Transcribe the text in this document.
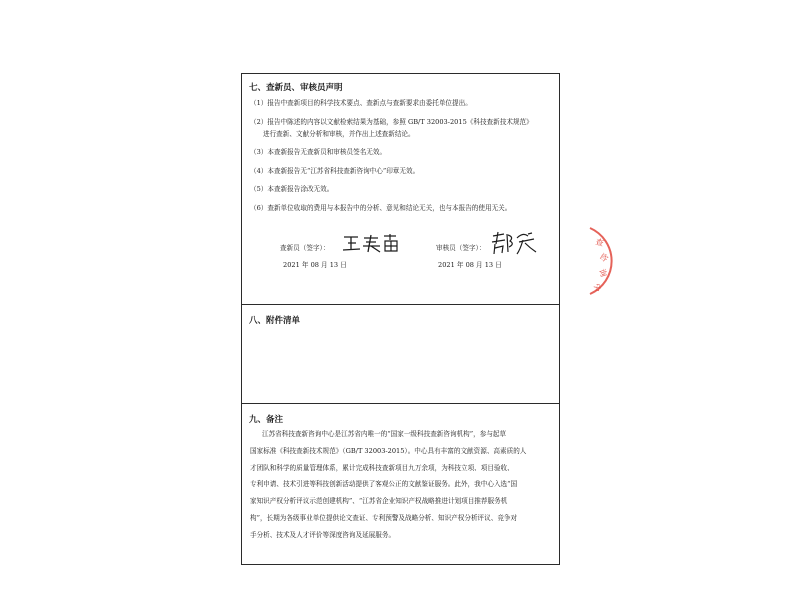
七、查新员、审核员声明
（1）报告中查新项目的科学技术要点、查新点与查新要求由委托单位提出。
（2）报告中陈述的内容以文献检索结果为基础，参照 GB/T 32003-2015《科技查新技术规范》
进行查新、文献分析和审核，并作出上述查新结论。
（3）本查新报告无查新员和审核员签名无效。
（4）本查新报告无“江苏省科技查新咨询中心”印章无效。
（5）本查新报告涂改无效。
（6）查新单位收取的费用与本报告中的分析、意见和结论无关，也与本报告的使用无关。
查新员（签字）：
2021 年 08 月 13 日
审核员（签字）：
2021 年 08 月 13 日
八、附件清单
九、备注
江苏省科技查新咨询中心是江苏省内唯一的“国家一级科技查新咨询机构”，参与起草
国家标准《科技查新技术规范》（GB/T 32003-2015）。中心具有丰富的文献资源、高素质的人
才团队和科学的质量管理体系，累计完成科技查新项目九万余项，为科技立项、项目验收、
专利申请、技术引进等科技创新活动提供了客观公正的文献鉴证服务。此外，我中心入选“国
家知识产权分析评议示范创建机构”、“江苏省企业知识产权战略推进计划项目推荐服务机
构”，长期为各级事业单位提供论文查证、专利预警及战略分析、知识产权分析评议、竞争对
手分析、技术及人才评价等深度咨询及延展服务。
查
咨
询
中
